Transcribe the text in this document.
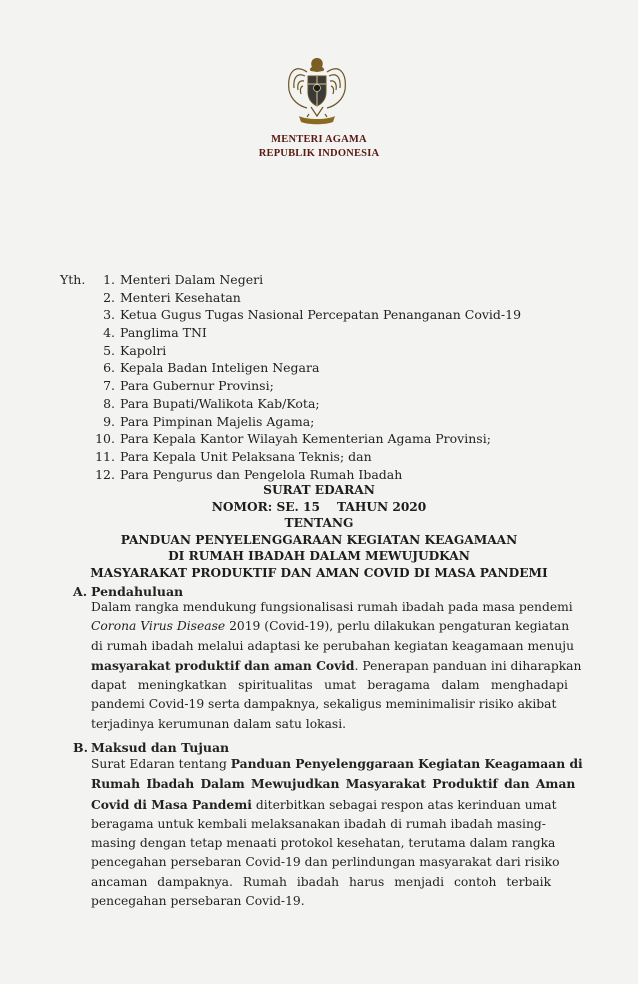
MENTERI AGAMA
REPUBLIK INDONESIA
Yth.	1. Menteri Dalam Negeri
2. Menteri Kesehatan
3. Ketua Gugus Tugas Nasional Percepatan Penanganan Covid-19
4. Panglima TNI
5. Kapolri
6. Kepala Badan Inteligen Negara
7. Para Gubernur Provinsi;
8. Para Bupati/Walikota Kab/Kota;
9. Para Pimpinan Majelis Agama;
10. Para Kepala Kantor Wilayah Kementerian Agama Provinsi;
11. Para Kepala Unit Pelaksana Teknis; dan
12. Para Pengurus dan Pengelola Rumah Ibadah
SURAT EDARAN
NOMOR: SE. 15    TAHUN 2020
TENTANG
PANDUAN PENYELENGGARAAN KEGIATAN KEAGAMAAN
DI RUMAH IBADAH DALAM MEWUJUDKAN
MASYARAKAT PRODUKTIF DAN AMAN COVID DI MASA PANDEMI
A. Pendahuluan
Dalam rangka mendukung fungsionalisasi rumah ibadah pada masa pendemi
Corona Virus Disease 2019 (Covid-19), perlu dilakukan pengaturan kegiatan
di rumah ibadah melalui adaptasi ke perubahan kegiatan keagamaan menuju
masyarakat produktif dan aman Covid. Penerapan panduan ini diharapkan
dapat meningkatkan spiritualitas umat beragama dalam menghadapi
pandemi Covid-19 serta dampaknya, sekaligus meminimalisir risiko akibat
terjadinya kerumunan dalam satu lokasi.
B. Maksud dan Tujuan
Surat Edaran tentang Panduan Penyelenggaraan Kegiatan Keagamaan di
Rumah Ibadah Dalam Mewujudkan Masyarakat Produktif dan Aman
Covid di Masa Pandemi diterbitkan sebagai respon atas kerinduan umat
beragama untuk kembali melaksanakan ibadah di rumah ibadah masing-
masing dengan tetap menaati protokol kesehatan, terutama dalam rangka
pencegahan persebaran Covid-19 dan perlindungan masyarakat dari risiko
ancaman dampaknya. Rumah ibadah harus menjadi contoh terbaik
pencegahan persebaran Covid-19.
